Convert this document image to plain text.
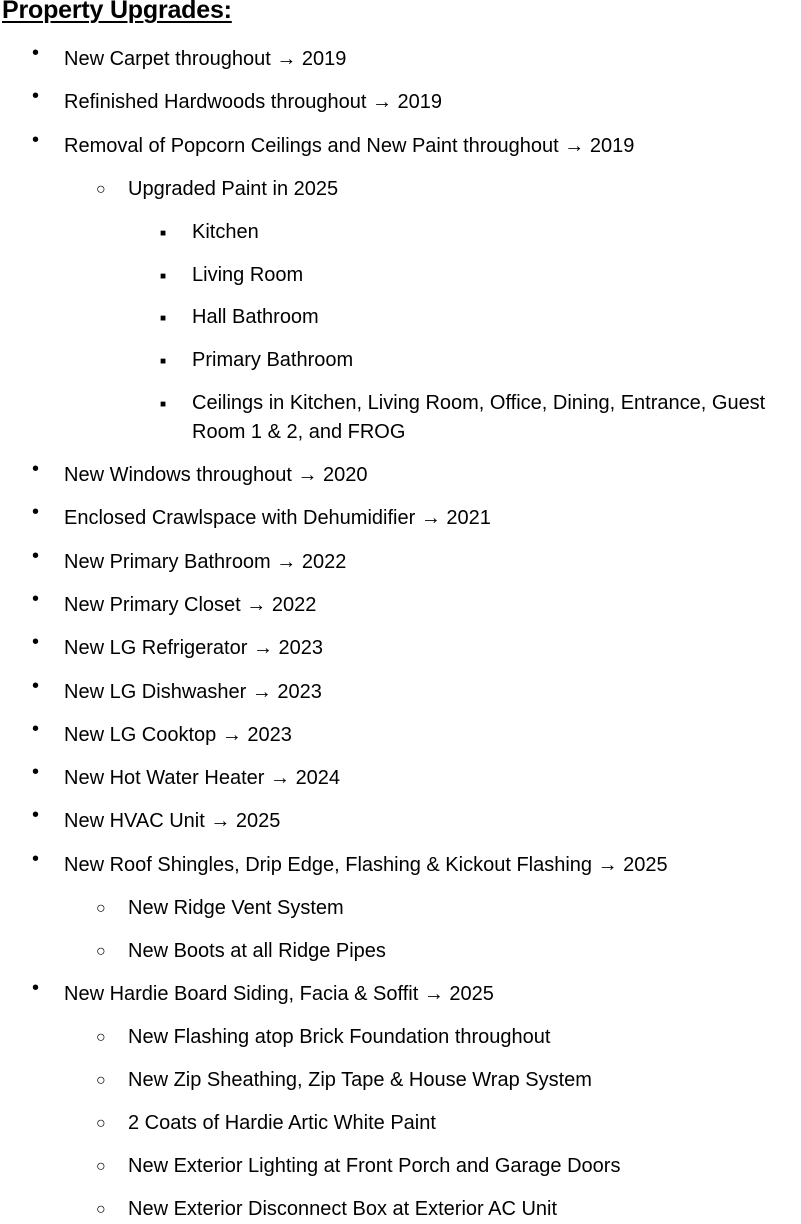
Property Upgrades:
• New Carpet throughout → 2019
• Refinished Hardwoods throughout → 2019
• Removal of Popcorn Ceilings and New Paint throughout → 2019
○ Upgraded Paint in 2025
■ Kitchen
■ Living Room
■ Hall Bathroom
■ Primary Bathroom
■ Ceilings in Kitchen, Living Room, Office, Dining, Entrance, Guest Room 1 & 2, and FROG
• New Windows throughout → 2020
• Enclosed Crawlspace with Dehumidifier → 2021
• New Primary Bathroom → 2022
• New Primary Closet → 2022
• New LG Refrigerator → 2023
• New LG Dishwasher → 2023
• New LG Cooktop → 2023
• New Hot Water Heater → 2024
• New HVAC Unit → 2025
• New Roof Shingles, Drip Edge, Flashing & Kickout Flashing → 2025
○ New Ridge Vent System
○ New Boots at all Ridge Pipes
• New Hardie Board Siding, Facia & Soffit → 2025
○ New Flashing atop Brick Foundation throughout
○ New Zip Sheathing, Zip Tape & House Wrap System
○ 2 Coats of Hardie Artic White Paint
○ New Exterior Lighting at Front Porch and Garage Doors
○ New Exterior Disconnect Box at Exterior AC Unit
